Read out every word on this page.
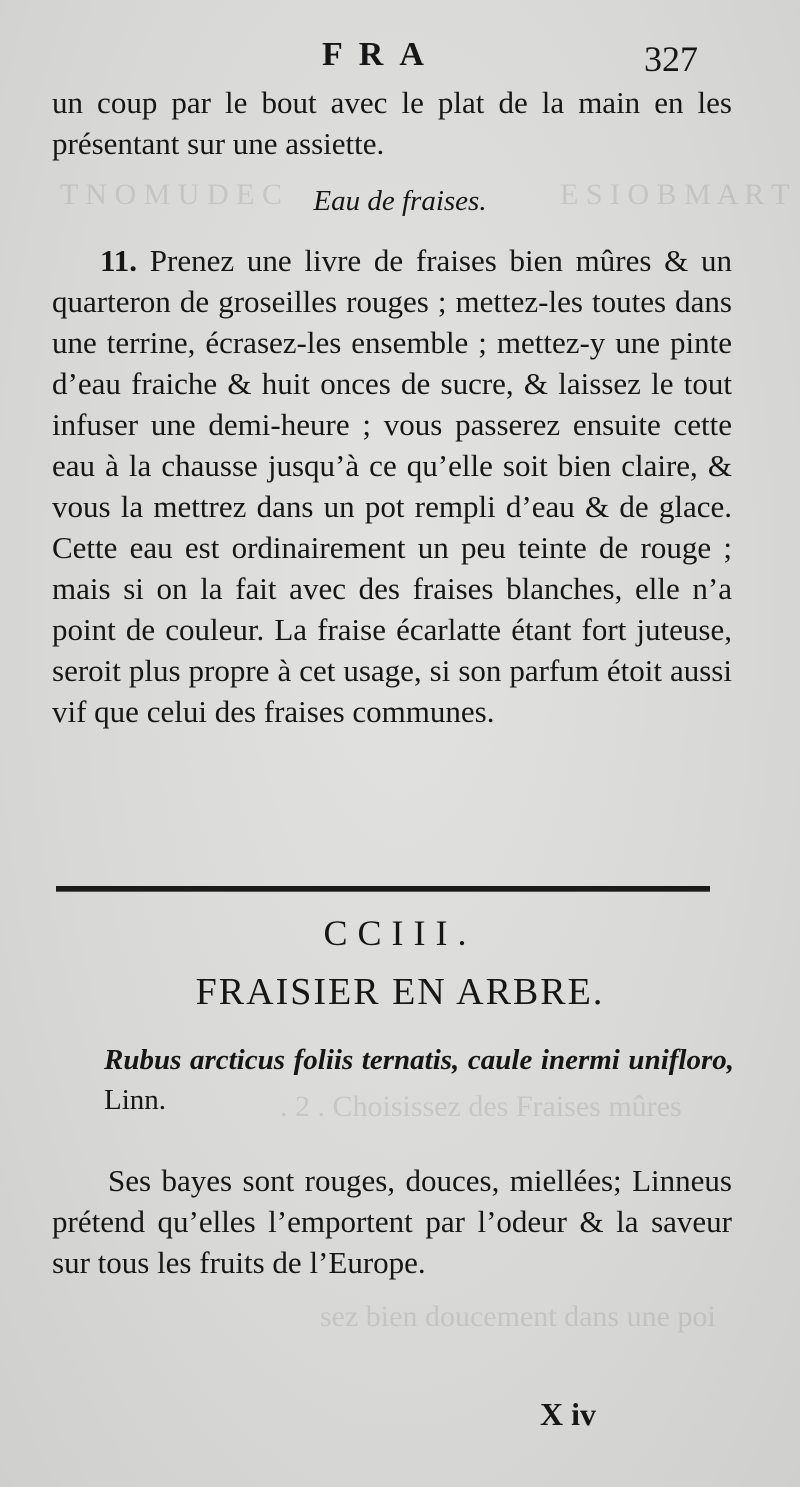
T N O M U D E C	E S I O B M A R T
. 2 . Choisissez des Fraises mûres
sez bien doucement dans une poi
FRA	327
un coup par le bout avec le plat de la main en les présentant sur une assiette.
Eau de fraises.
11. Prenez une livre de fraises bien mûres & un quarteron de groseilles rouges ; mettez-les toutes dans une terrine, écrasez-les ensemble ; mettez-y une pinte d’eau fraiche & huit onces de sucre, & laissez le tout infuser une demi-heure ; vous passerez ensuite cette eau à la chausse jusqu’à ce qu’elle soit bien claire, & vous la mettrez dans un pot rempli d’eau & de glace. Cette eau est ordinairement un peu teinte de rouge ; mais si on la fait avec des fraises blanches, elle n’a point de couleur. La fraise écarlatte étant fort juteuse, seroit plus propre à cet usage, si son parfum étoit aussi vif que celui des fraises communes.
CCIII.
FRAISIER EN ARBRE.
Rubus arcticus foliis ternatis, caule inermi unifloro, Linn.
Ses bayes sont rouges, douces, miellées; Linneus prétend qu’elles l’emportent par l’odeur & la saveur sur tous les fruits de l’Europe.
X iv
